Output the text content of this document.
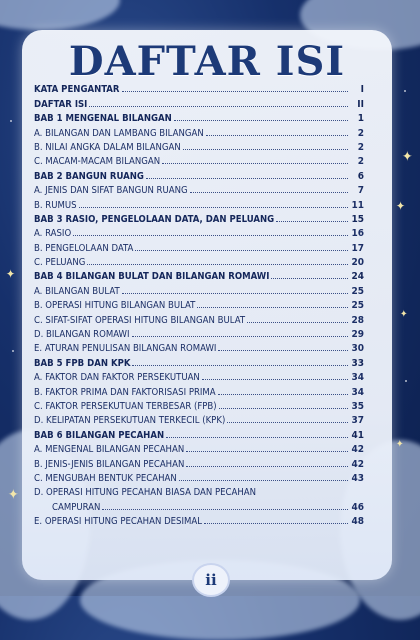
✦
✦
✦
✦
✦
✦
DAFTAR ISI
KATA PENGANTAR	I
DAFTAR ISI	II
BAB 1 MENGENAL BILANGAN	1
A. BILANGAN DAN LAMBANG BILANGAN	2
B. NILAI ANGKA DALAM BILANGAN	2
C. MACAM-MACAM BILANGAN	2
BAB 2 BANGUN RUANG	6
A. JENIS DAN SIFAT BANGUN RUANG	7
B. RUMUS	11
BAB 3 RASIO, PENGELOLAAN DATA, DAN PELUANG	15
A. RASIO	16
B. PENGELOLAAN DATA	17
C. PELUANG	20
BAB 4 BILANGAN BULAT DAN BILANGAN ROMAWI	24
A. BILANGAN BULAT	25
B. OPERASI HITUNG BILANGAN BULAT	25
C. SIFAT-SIFAT OPERASI HITUNG BILANGAN BULAT	28
D. BILANGAN ROMAWI	29
E. ATURAN PENULISAN BILANGAN ROMAWI	30
BAB 5 FPB DAN KPK	33
A. FAKTOR DAN FAKTOR PERSEKUTUAN	34
B. FAKTOR PRIMA DAN FAKTORISASI PRIMA	34
C. FAKTOR PERSEKUTUAN TERBESAR (FPB)	35
D. KELIPATAN PERSEKUTUAN TERKECIL (KPK)	37
BAB 6 BILANGAN PECAHAN	41
A. MENGENAL BILANGAN PECAHAN	42
B. JENIS-JENIS BILANGAN PECAHAN	42
C. MENGUBAH BENTUK PECAHAN	43
D. OPERASI HITUNG PECAHAN BIASA DAN PECAHAN
CAMPURAN	46
E. OPERASI HITUNG PECAHAN DESIMAL	48
ii
